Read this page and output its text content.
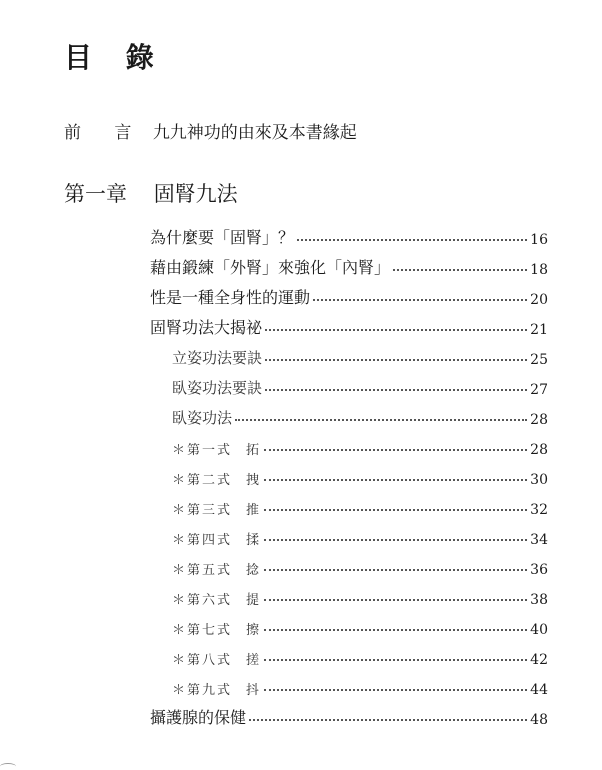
目 錄
前 言 九九神功的由來及本書緣起
第一章 固腎九法
為什麼要「固腎」？	16
藉由鍛練「外腎」來強化「內腎」	18
性是一種全身性的運動	20
固腎功法大揭祕	21
立姿功法要訣	25
臥姿功法要訣	27
臥姿功法	28
＊第一式 拓	28
＊第二式 拽	30
＊第三式 推	32
＊第四式 揉	34
＊第五式 捻	36
＊第六式 提	38
＊第七式 擦	40
＊第八式 搓	42
＊第九式 抖	44
攝護腺的保健	48
